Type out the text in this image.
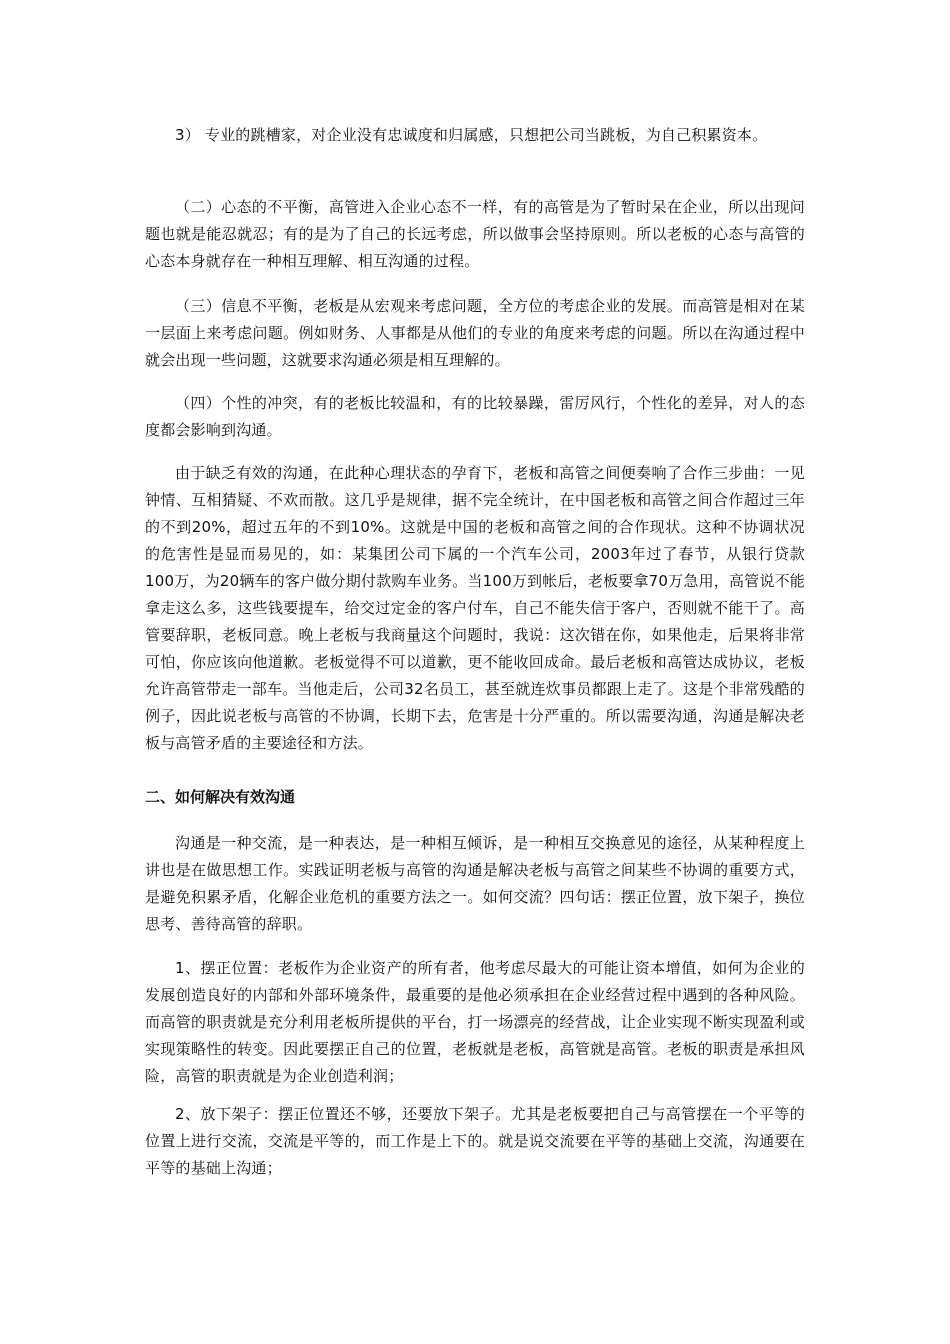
3） 专业的跳槽家，对企业没有忠诚度和归属感，只想把公司当跳板，为自己积累资本。

（二）心态的不平衡，高管进入企业心态不一样，有的高管是为了暂时呆在企业，所以出现问题也就是能忍就忍；有的是为了自己的长远考虑，所以做事会坚持原则。所以老板的心态与高管的心态本身就存在一种相互理解、相互沟通的过程。

（三）信息不平衡，老板是从宏观来考虑问题，全方位的考虑企业的发展。而高管是相对在某一层面上来考虑问题。例如财务、人事都是从他们的专业的角度来考虑的问题。所以在沟通过程中就会出现一些问题，这就要求沟通必须是相互理解的。

（四）个性的冲突，有的老板比较温和，有的比较暴躁，雷厉风行，个性化的差异，对人的态度都会影响到沟通。

由于缺乏有效的沟通，在此种心理状态的孕育下，老板和高管之间便奏响了合作三步曲：一见钟情、互相猜疑、不欢而散。这几乎是规律，据不完全统计，在中国老板和高管之间合作超过三年的不到20%，超过五年的不到10%。这就是中国的老板和高管之间的合作现状。这种不协调状况的危害性是显而易见的，如：某集团公司下属的一个汽车公司，2003年过了春节，从银行贷款100万，为20辆车的客户做分期付款购车业务。当100万到帐后，老板要拿70万急用，高管说不能拿走这么多，这些钱要提车，给交过定金的客户付车，自己不能失信于客户，否则就不能干了。高管要辞职，老板同意。晚上老板与我商量这个问题时，我说：这次错在你，如果他走，后果将非常可怕，你应该向他道歉。老板觉得不可以道歉，更不能收回成命。最后老板和高管达成协议，老板允许高管带走一部车。当他走后，公司32名员工，甚至就连炊事员都跟上走了。这是个非常残酷的例子，因此说老板与高管的不协调，长期下去，危害是十分严重的。所以需要沟通，沟通是解决老板与高管矛盾的主要途径和方法。

二、如何解决有效沟通

沟通是一种交流，是一种表达，是一种相互倾诉，是一种相互交换意见的途径，从某种程度上讲也是在做思想工作。实践证明老板与高管的沟通是解决老板与高管之间某些不协调的重要方式，是避免积累矛盾，化解企业危机的重要方法之一。如何交流？四句话：摆正位置，放下架子，换位思考、善待高管的辞职。

1、摆正位置：老板作为企业资产的所有者，他考虑尽最大的可能让资本增值，如何为企业的发展创造良好的内部和外部环境条件，最重要的是他必须承担在企业经营过程中遇到的各种风险。而高管的职责就是充分利用老板所提供的平台，打一场漂亮的经营战，让企业实现不断实现盈利或实现策略性的转变。因此要摆正自己的位置，老板就是老板，高管就是高管。老板的职责是承担风险，高管的职责就是为企业创造利润；

2、放下架子：摆正位置还不够，还要放下架子。尤其是老板要把自己与高管摆在一个平等的位置上进行交流，交流是平等的，而工作是上下的。就是说交流要在平等的基础上交流，沟通要在平等的基础上沟通；
